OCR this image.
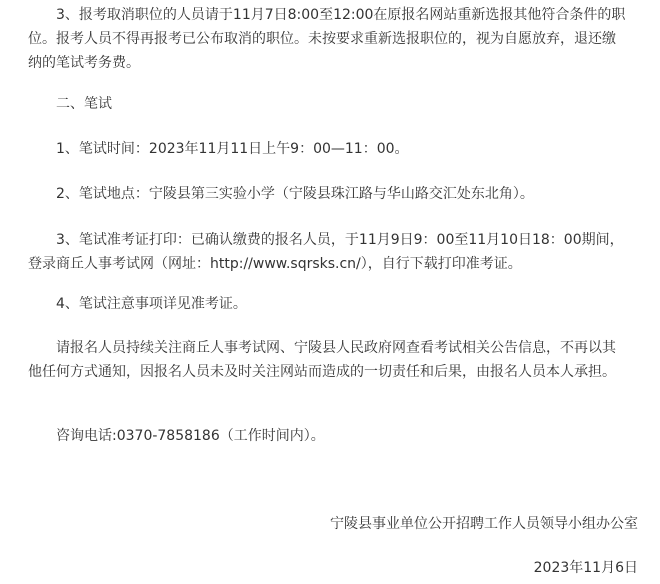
3、报考取消职位的人员请于11月7日8:00至12:00在原报名网站重新选报其他符合条件的职位。报考人员不得再报考已公布取消的职位。未按要求重新选报职位的，视为自愿放弃，退还缴纳的笔试考务费。

二、笔试

1、笔试时间：2023年11月11日上午9：00—11：00。

2、笔试地点：宁陵县第三实验小学（宁陵县珠江路与华山路交汇处东北角）。

3、笔试准考证打印：已确认缴费的报名人员，于11月9日9：00至11月10日18：00期间，登录商丘人事考试网（网址：http://www.sqrsks.cn/），自行下载打印准考证。

4、笔试注意事项详见准考证。

请报名人员持续关注商丘人事考试网、宁陵县人民政府网查看考试相关公告信息，不再以其他任何方式通知，因报名人员未及时关注网站而造成的一切责任和后果，由报名人员本人承担。

咨询电话:0370-7858186（工作时间内）。

宁陵县事业单位公开招聘工作人员领导小组办公室

2023年11月6日
